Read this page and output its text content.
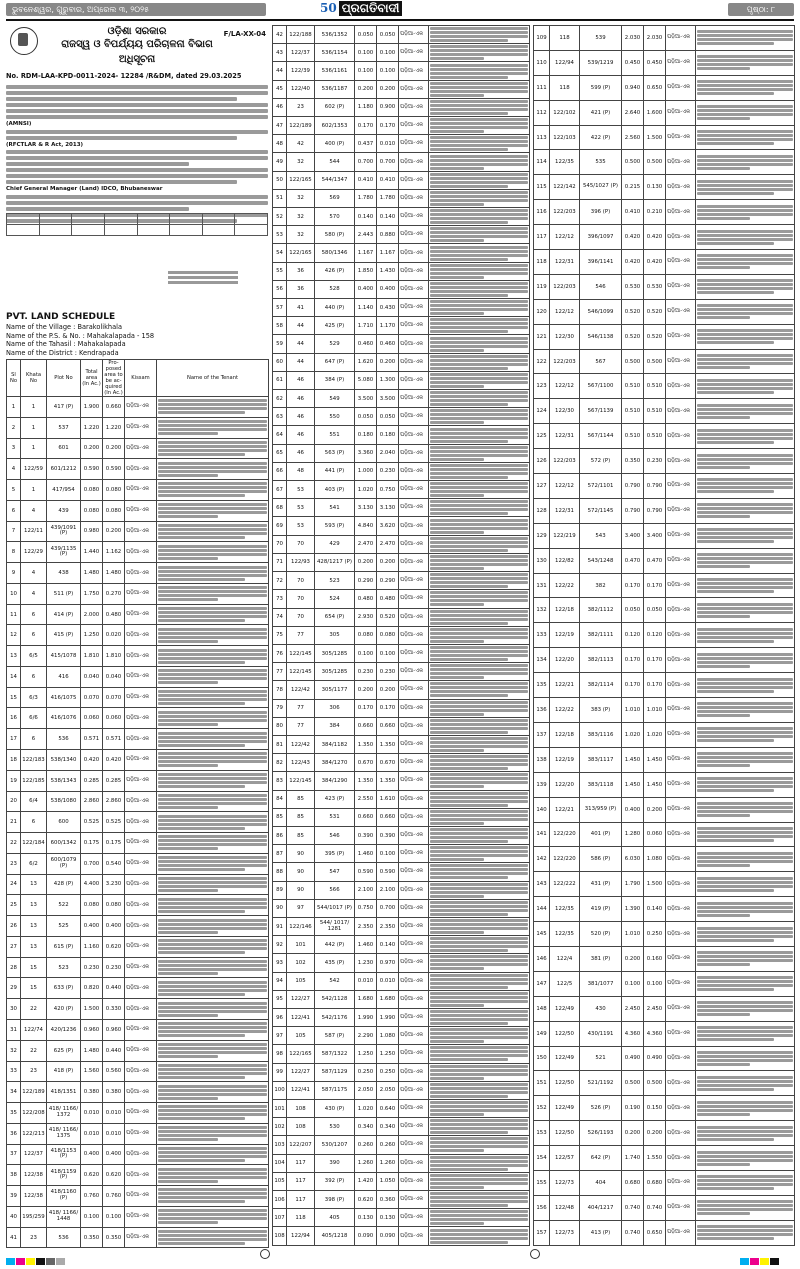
ଭୁବନେଶ୍ୱର, ଗୁରୁବାର, ଅପ୍ରେଲ ୩, ୨୦୨୫	50 ପ୍ରଗତିବାଦୀ	ପୃଷ୍ଠା: ୮
F/LA-XX-04
ଓଡ଼ିଶା ସରକାର
ରାଜସ୍ୱ ଓ ବିପର୍ଯ୍ୟୟ ପରିଚାଳନା ବିଭାଗ
ଅଧିସୂଚନା
No. RDM-LAA-KPD-0011-2024- 12284 /R&DM, dated 29.03.2025
(AMNSI)
(RFCTLAR & R Act, 2013)
Chief General Manager (Land) IDCO, Bhubaneswar

PVT. LAND SCHEDULE
Name of the Village : Barakolikhala
Name of the P.S. & No. : Mahakalapada - 158
Name of the Tahasil : Mahakalapada
Name of the District : Kendrapada
Sl No	Khata No	Plot No	Total area (In Ac.)	Pro-posed area to be ac-quired (In Ac.)	Kissam	Name of the Tenant
1	1	417 (P)	1.900	0.660	ପଡ଼ିଆ-ଏକ	

2	1	537	1.220	1.220	ପଡ଼ିଆ-ଏକ	

3	1	601	0.200	0.200	ପଡ଼ିଆ-ଏକ	

4	122/59	601/1212	0.590	0.590	ପଡ଼ିଆ-ଏକ	

5	1	417/954	0.080	0.080	ପଡ଼ିଆ-ଏକ	

6	4	439	0.080	0.080	ପଡ଼ିଆ-ଏକ	

7	122/11	439/1091 (P)	0.980	0.200	ପଡ଼ିଆ-ଏକ	

8	122/29	439/1135 (P)	1.440	1.162	ପଡ଼ିଆ-ଏକ	

9	4	438	1.480	1.480	ପଡ଼ିଆ-ଏକ	

10	4	511 (P)	1.750	0.270	ପଡ଼ିଆ-ଏକ	

11	6	414 (P)	2.000	0.480	ପଡ଼ିଆ-ଏକ	

12	6	415 (P)	1.250	0.020	ପଡ଼ିଆ-ଏକ	

13	6/5	415/1078	1.810	1.810	ପଡ଼ିଆ-ଏକ	

14	6	416	0.040	0.040	ପଡ଼ିଆ-ଏକ	

15	6/3	416/1075	0.070	0.070	ପଡ଼ିଆ-ଏକ	

16	6/6	416/1076	0.060	0.060	ପଡ଼ିଆ-ଏକ	

17	6	536	0.571	0.571	ପଡ଼ିଆ-ଏକ	

18	122/183	538/1340	0.420	0.420	ପଡ଼ିଆ-ଏକ	

19	122/185	538/1343	0.285	0.285	ପଡ଼ିଆ-ଏକ	

20	6/4	538/1080	2.860	2.860	ପଡ଼ିଆ-ଏକ	

21	6	600	0.525	0.525	ପଡ଼ିଆ-ଏକ	

22	122/184	600/1342	0.175	0.175	ପଡ଼ିଆ-ଏକ	

23	6/2	600/1079 (P)	0.700	0.540	ପଡ଼ିଆ-ଏକ	

24	13	428 (P)	4.400	3.230	ପଡ଼ିଆ-ଏକ	

25	13	522	0.080	0.080	ପଡ଼ିଆ-ଏକ	

26	13	525	0.400	0.400	ପଡ଼ିଆ-ଏକ	

27	13	615 (P)	1.160	0.620	ପଡ଼ିଆ-ଏକ	

28	15	523	0.230	0.230	ପଡ଼ିଆ-ଏକ	

29	15	633 (P)	0.820	0.440	ପଡ଼ିଆ-ଏକ	

30	22	420 (P)	1.500	0.330	ପଡ଼ିଆ-ଏକ	

31	122/74	420/1236	0.960	0.960	ପଡ଼ିଆ-ଏକ	

32	22	625 (P)	1.480	0.440	ପଡ଼ିଆ-ଏକ	

33	23	418 (P)	1.560	0.560	ପଡ଼ିଆ-ଏକ	

34	122/189	418/1351	0.380	0.380	ପଡ଼ିଆ-ଏକ	

35	122/208	418/ 1166/ 1372	0.010	0.010	ପଡ଼ିଆ-ଏକ	

36	122/213	418/ 1166/ 1375	0.010	0.010	ପଡ଼ିଆ-ଏକ	

37	122/37	418/1153 (P)	0.400	0.400	ପଡ଼ିଆ-ଏକ	

38	122/38	418/1159 (P)	0.620	0.620	ପଡ଼ିଆ-ଏକ	

39	122/38	418/1160 (P)	0.760	0.760	ପଡ଼ିଆ-ଏକ	

40	195/259	418/ 1166/ 1448	0.100	0.100	ପଡ଼ିଆ-ଏକ	

41	23	536	0.350	0.350	ପଡ଼ିଆ-ଏକ	
42	122/188	536/1352	0.050	0.050	ପଡ଼ିଆ-ଏକ	

43	122/37	536/1154	0.100	0.100	ପଡ଼ିଆ-ଏକ	

44	122/39	536/1161	0.100	0.100	ପଡ଼ିଆ-ଏକ	

45	122/40	536/1187	0.200	0.200	ପଡ଼ିଆ-ଏକ	

46	23	602 (P)	1.180	0.900	ପଡ଼ିଆ-ଏକ	

47	122/189	602/1353	0.170	0.170	ପଡ଼ିଆ-ଏକ	

48	42	400 (P)	0.437	0.010	ପଡ଼ିଆ-ଏକ	

49	32	544	0.700	0.700	ପଡ଼ିଆ-ଏକ	

50	122/165	544/1347	0.410	0.410	ପଡ଼ିଆ-ଏକ	

51	32	569	1.780	1.780	ପଡ଼ିଆ-ଏକ	

52	32	570	0.140	0.140	ପଡ଼ିଆ-ଏକ	

53	32	580 (P)	2.443	0.880	ପଡ଼ିଆ-ଏକ	

54	122/165	580/1346	1.167	1.167	ପଡ଼ିଆ-ଏକ	

55	36	426 (P)	1.850	1.430	ପଡ଼ିଆ-ଏକ	

56	36	528	0.400	0.400	ପଡ଼ିଆ-ଏକ	

57	41	440 (P)	1.140	0.430	ପଡ଼ିଆ-ଏକ	

58	44	425 (P)	1.710	1.170	ପଡ଼ିଆ-ଏକ	

59	44	529	0.460	0.460	ପଡ଼ିଆ-ଏକ	

60	44	647 (P)	1.620	0.200	ପଡ଼ିଆ-ଏକ	

61	46	384 (P)	5.080	1.300	ପଡ଼ିଆ-ଏକ	

62	46	549	3.500	3.500	ପଡ଼ିଆ-ଏକ	

63	46	550	0.050	0.050	ପଡ଼ିଆ-ଏକ	

64	46	551	0.180	0.180	ପଡ଼ିଆ-ଏକ	

65	46	563 (P)	3.360	2.040	ପଡ଼ିଆ-ଏକ	

66	48	441 (P)	1.000	0.230	ପଡ଼ିଆ-ଏକ	

67	53	403 (P)	1.020	0.750	ପଡ଼ିଆ-ଏକ	

68	53	541	3.130	3.130	ପଡ଼ିଆ-ଏକ	

69	53	593 (P)	4.840	3.620	ପଡ଼ିଆ-ଏକ	

70	70	429	2.470	2.470	ପଡ଼ିଆ-ଏକ	

71	122/93	428/1217 (P)	0.200	0.200	ପଡ଼ିଆ-ଏକ	

72	70	523	0.290	0.290	ପଡ଼ିଆ-ଏକ	

73	70	524	0.480	0.480	ପଡ଼ିଆ-ଏକ	

74	70	654 (P)	2.930	0.520	ପଡ଼ିଆ-ଏକ	

75	77	305	0.080	0.080	ପଡ଼ିଆ-ଏକ	

76	122/145	305/1285	0.100	0.100	ପଡ଼ିଆ-ଏକ	

77	122/145	305/1285	0.230	0.230	ପଡ଼ିଆ-ଏକ	

78	122/42	305/1177	0.200	0.200	ପଡ଼ିଆ-ଏକ	

79	77	306	0.170	0.170	ପଡ଼ିଆ-ଏକ	

80	77	384	0.660	0.660	ପଡ଼ିଆ-ଏକ	

81	122/42	384/1182	1.350	1.350	ପଡ଼ିଆ-ଏକ	

82	122/43	384/1270	0.670	0.670	ପଡ଼ିଆ-ଏକ	

83	122/145	384/1290	1.350	1.350	ପଡ଼ିଆ-ଏକ	

84	85	423 (P)	2.550	1.610	ପଡ଼ିଆ-ଏକ	

85	85	531	0.660	0.660	ପଡ଼ିଆ-ଏକ	

86	85	546	0.390	0.390	ପଡ଼ିଆ-ଏକ	

87	90	395 (P)	1.460	0.100	ପଡ଼ିଆ-ଏକ	

88	90	547	0.590	0.590	ପଡ଼ିଆ-ଏକ	

89	90	566	2.100	2.100	ପଡ଼ିଆ-ଏକ	

90	97	544/1017 (P)	0.750	0.700	ପଡ଼ିଆ-ଏକ	

91	122/146	544/ 1017/ 1281	2.350	2.350	ପଡ଼ିଆ-ଏକ	

92	101	442 (P)	1.460	0.140	ପଡ଼ିଆ-ଏକ	

93	102	435 (P)	1.230	0.970	ପଡ଼ିଆ-ଏକ	

94	105	542	0.010	0.010	ପଡ଼ିଆ-ଏକ	

95	122/27	542/1128	1.680	1.680	ପଡ଼ିଆ-ଏକ	

96	122/41	542/1176	1.990	1.990	ପଡ଼ିଆ-ଏକ	

97	105	587 (P)	2.290	1.080	ପଡ଼ିଆ-ଏକ	

98	122/165	587/1322	1.250	1.250	ପଡ଼ିଆ-ଏକ	

99	122/27	587/1129	0.250	0.250	ପଡ଼ିଆ-ଏକ	

100	122/41	587/1175	2.050	2.050	ପଡ଼ିଆ-ଏକ	

101	108	430 (P)	1.020	0.640	ପଡ଼ିଆ-ଏକ	

102	108	530	0.340	0.340	ପଡ଼ିଆ-ଏକ	

103	122/207	530/1207	0.260	0.260	ପଡ଼ିଆ-ଏକ	

104	117	390	1.260	1.260	ପଡ଼ିଆ-ଏକ	

105	117	392 (P)	1.420	1.050	ପଡ଼ିଆ-ଏକ	

106	117	398 (P)	0.620	0.360	ପଡ଼ିଆ-ଏକ	

107	118	405	0.130	0.130	ପଡ଼ିଆ-ଏକ	

108	122/94	405/1218	0.090	0.090	ପଡ଼ିଆ-ଏକ	
109	118	539	2.030	2.030	ପଡ଼ିଆ-ଏକ	

110	122/94	539/1219	0.450	0.450	ପଡ଼ିଆ-ଏକ	

111	118	599 (P)	0.940	0.650	ପଡ଼ିଆ-ଏକ	

112	122/102	421 (P)	2.640	1.600	ପଡ଼ିଆ-ଏକ	

113	122/103	422 (P)	2.560	1.500	ପଡ଼ିଆ-ଏକ	

114	122/35	535	0.500	0.500	ପଡ଼ିଆ-ଏକ	

115	122/142	545/1027 (P)	0.215	0.130	ପଡ଼ିଆ-ଏକ	

116	122/203	396 (P)	0.410	0.210	ପଡ଼ିଆ-ଏକ	

117	122/12	396/1097	0.420	0.420	ପଡ଼ିଆ-ଏକ	

118	122/31	396/1141	0.420	0.420	ପଡ଼ିଆ-ଏକ	

119	122/203	546	0.530	0.530	ପଡ଼ିଆ-ଏକ	

120	122/12	546/1099	0.520	0.520	ପଡ଼ିଆ-ଏକ	

121	122/30	546/1138	0.520	0.520	ପଡ଼ିଆ-ଏକ	

122	122/203	567	0.500	0.500	ପଡ଼ିଆ-ଏକ	

123	122/12	567/1100	0.510	0.510	ପଡ଼ିଆ-ଏକ	

124	122/30	567/1139	0.510	0.510	ପଡ଼ିଆ-ଏକ	

125	122/31	567/1144	0.510	0.510	ପଡ଼ିଆ-ଏକ	

126	122/203	572 (P)	0.350	0.230	ପଡ଼ିଆ-ଏକ	

127	122/12	572/1101	0.790	0.790	ପଡ଼ିଆ-ଏକ	

128	122/31	572/1145	0.790	0.790	ପଡ଼ିଆ-ଏକ	

129	122/219	543	3.400	3.400	ପଡ଼ିଆ-ଏକ	

130	122/82	543/1248	0.470	0.470	ପଡ଼ିଆ-ଏକ	

131	122/22	382	0.170	0.170	ପଡ଼ିଆ-ଏକ	

132	122/18	382/1112	0.050	0.050	ପଡ଼ିଆ-ଏକ	

133	122/19	382/1111	0.120	0.120	ପଡ଼ିଆ-ଏକ	

134	122/20	382/1113	0.170	0.170	ପଡ଼ିଆ-ଏକ	

135	122/21	382/1114	0.170	0.170	ପଡ଼ିଆ-ଏକ	

136	122/22	383 (P)	1.010	1.010	ପଡ଼ିଆ-ଏକ	

137	122/18	383/1116	1.020	1.020	ପଡ଼ିଆ-ଏକ	

138	122/19	383/1117	1.450	1.450	ପଡ଼ିଆ-ଏକ	

139	122/20	383/1118	1.450	1.450	ପଡ଼ିଆ-ଏକ	

140	122/21	313/959 (P)	0.400	0.200	ପଡ଼ିଆ-ଏକ	

141	122/220	401 (P)	1.280	0.060	ପଡ଼ିଆ-ଏକ	

142	122/220	586 (P)	6.030	1.080	ପଡ଼ିଆ-ଏକ	

143	122/222	431 (P)	1.790	1.500	ପଡ଼ିଆ-ଏକ	

144	122/35	419 (P)	1.390	0.140	ପଡ଼ିଆ-ଏକ	

145	122/35	520 (P)	1.010	0.250	ପଡ଼ିଆ-ଏକ	

146	122/4	381 (P)	0.200	0.160	ପଡ଼ିଆ-ଏକ	

147	122/5	381/1077	0.100	0.100	ପଡ଼ିଆ-ଏକ	

148	122/49	430	2.450	2.450	ପଡ଼ିଆ-ଏକ	

149	122/50	430/1191	4.360	4.360	ପଡ଼ିଆ-ଏକ	

150	122/49	521	0.490	0.490	ପଡ଼ିଆ-ଏକ	

151	122/50	521/1192	0.500	0.500	ପଡ଼ିଆ-ଏକ	

152	122/49	526 (P)	0.190	0.150	ପଡ଼ିଆ-ଏକ	

153	122/50	526/1193	0.200	0.200	ପଡ଼ିଆ-ଏକ	

154	122/57	642 (P)	1.740	1.550	ପଡ଼ିଆ-ଏକ	

155	122/73	404	0.680	0.680	ପଡ଼ିଆ-ଏକ	

156	122/48	404/1217	0.740	0.740	ପଡ଼ିଆ-ଏକ	

157	122/73	413 (P)	0.740	0.650	ପଡ଼ିଆ-ଏକ	
